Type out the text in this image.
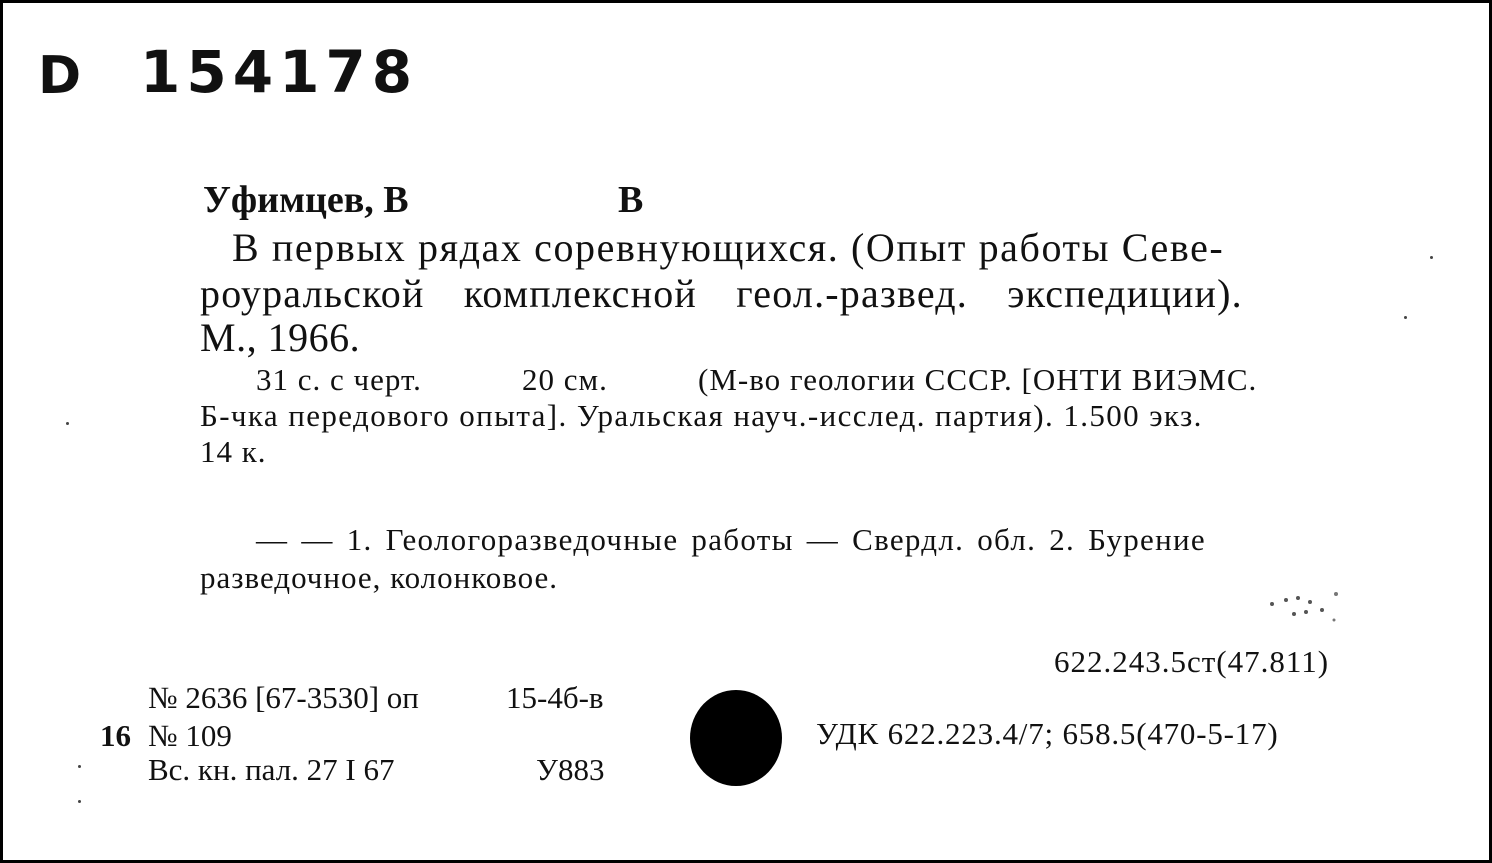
D 154178
Уфимцев, В	В
В первых рядах соревнующихся. (Опыт работы Севе-
роуральской комплексной геол.-развед. экспедиции).
М., 1966.
31 с. с черт.	20 см.	(М-во геологии СССР. [ОНТИ ВИЭМС.
Б-чка передового опыта]. Уральская науч.-исслед. партия). 1.500 экз.
14 к.
— — 1. Геологоразведочные работы — Свердл. обл. 2. Бурение
разведочное, колонковое.
622.243.5ст(47.811)
УДК 622.223.4/7; 658.5(470-5-17)
№ 2636 [67-3530] оп	15-4б-в
16 № 109
Вс. кн. пал. 27 I 67	У883
